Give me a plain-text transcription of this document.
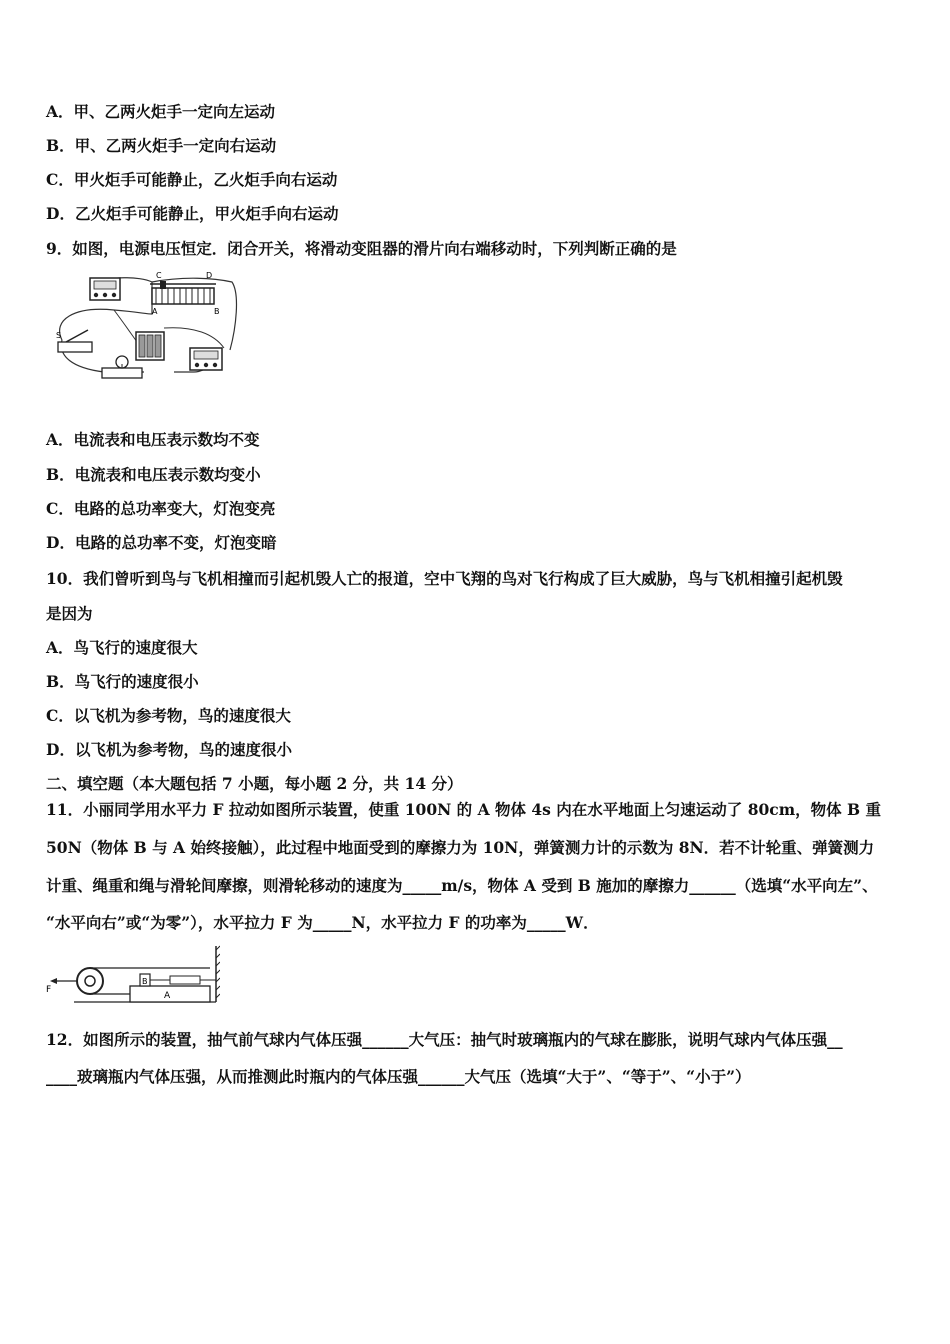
A．甲、乙两火炬手一定向左运动
B．甲、乙两火炬手一定向右运动
C．甲火炬手可能静止，乙火炬手向右运动
D．乙火炬手可能静止，甲火炬手向右运动
9．如图，电源电压恒定．闭合开关，将滑动变阻器的滑片向右端移动时，下列判断正确的是
C	D
A	B
S
A．电流表和电压表示数均不变
B．电流表和电压表示数均变小
C．电路的总功率变大，灯泡变亮
D．电路的总功率不变，灯泡变暗
10．我们曾听到鸟与飞机相撞而引起机毁人亡的报道，空中飞翔的鸟对飞行构成了巨大威胁，鸟与飞机相撞引起机毁
是因为
A．鸟飞行的速度很大
B．鸟飞行的速度很小
C．以飞机为参考物，鸟的速度很大
D．以飞机为参考物，鸟的速度很小
二、填空题（本大题包括 7 小题，每小题 2 分，共 14 分）
11．小丽同学用水平力 F 拉动如图所示装置，使重 100N 的 A 物体 4s 内在水平地面上匀速运动了 80cm，物体 B 重
50N（物体 B 与 A 始终接触），此过程中地面受到的摩擦力为 10N，弹簧测力计的示数为 8N．若不计轮重、弹簧测力
计重、绳重和绳与滑轮间摩擦，则滑轮移动的速度为_____m/s，物体 A 受到 B 施加的摩擦力______（选填“水平向左”、
“水平向右”或“为零”），水平拉力 F 为_____N，水平拉力 F 的功率为_____W．
A
B
F
12．如图所示的装置，抽气前气球内气体压强______大气压：抽气时玻璃瓶内的气球在膨胀，说明气球内气体压强__
____玻璃瓶内气体压强，从而推测此时瓶内的气体压强______大气压（选填“大于”、“等于”、“小于”）
